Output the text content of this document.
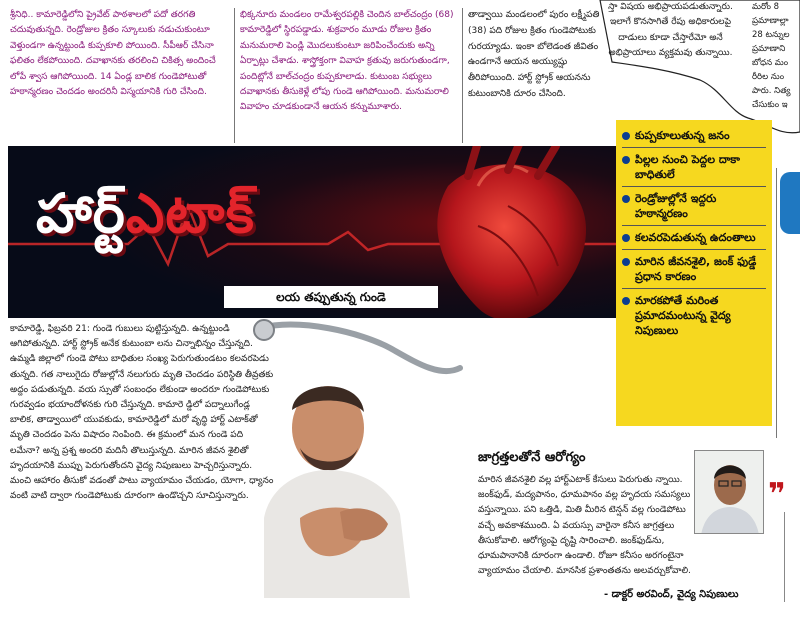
శ్రీనిధి.. కామారెడ్డిలోని ప్రైవేట్ పాఠశాలలో పదో తరగతి చదువుతున్నది. రెండ్రోజుల క్రితం స్కూలుకు నడుచుకుంటూ వెళ్తుండగా ఉన్నట్టుండి కుప్పకూలి పోయింది. సీపీఆర్ చేసినా ఫలితం లేకపోయింది. దవాఖానకు తరలించి చికిత్స అందించే లోపే శ్వాస ఆగిపోయింది. 14 ఏండ్ల బాలిక గుండెపోటుతో హఠాన్మరణం చెందడం అందరినీ విస్మయానికి గురి చేసింది.

భిక్కనూరు మండలం రామేశ్వరపల్లికి చెందిన బాల్‌చంద్రం (68) కామారెడ్డిలో స్థిరపడ్డాడు. శుక్రవారం మూడు రోజుల క్రితం మనుమరాలి పెండ్లి మొదలుకుంటూ జరిపించేందుకు అన్ని ఏర్పాట్లు చేశాడు. శాస్త్రోక్తంగా వివాహ క్రతువు జరుగుతుండగా, పందిట్లోనే బాల్‌చంద్రం కుప్పకూలాడు. కుటుంబ సభ్యులు దవాఖానకు తీసుకెళ్లే లోపు గుండె ఆగిపోయింది. మనుమరాలి వివాహం చూడకుండానే ఆయన కన్నుమూశారు.

తాడ్వాయి మండలంలో పురం లక్ష్మీపతి (38) పది రోజుల క్రితం గుండెపోటుకు గురయ్యాడు. ఇంకా బోలెడంత జీవితం ఉండగానే ఆయన అయ్యుష్షు తీరిపోయింది. హార్ట్ స్ట్రోక్ ఆయనను కుటుంబానికి దూరం చేసింది.

స్తా విషయ అభిప్రాయపడుతున్నారు. ఇలాగే కొనసాగితే రేపు అధికారులపై దాడులు కూడా చేస్తారేమో అనే అభిప్రాయాలు వ్యక్తమవు తున్నాయి.
మరోం 8 ప్రమాణాల్లా 28 టన్నుల ప్రమాణాని బోధన మం రీరిల నుం పారు. నిత్య చేసుకుం ఇ
హార్ట్ఎటాక్
లయ తప్పుతున్న గుండె
కుప్పకూలుతున్న జనం
పిల్లల నుంచి పెద్దల దాకా బాధితులే
రెండ్రోజుల్లోనే ఇద్దరు హఠాన్మరణం
కలవరపెడుతున్న ఉదంతాలు
మారిన జీవనశైలి, జంక్ ఫుడ్డే ప్రధాన కారణం
మారకపోతే మరింత ప్రమాదమంటున్న వైద్య నిపుణులు

కామారెడ్డి, ఫిబ్రవరి 21: గుండె గుబులు పుట్టిస్తున్నది. ఉన్నట్టుండి ఆగిపోతున్నది. హార్ట్ స్ట్రోక్ అనేక కుటుంబా లను చిన్నాభిన్నం చేస్తున్నది. ఉమ్మడి జిల్లాలో గుండె పోటు బాధితుల సంఖ్య పెరుగుతుండటం కలవరపెడు తున్నది. గత నాలుగైదు రోజుల్లోనే నలుగురు మృతి చెందడం పరిస్థితి తీవ్రతకు అద్దం పడుతున్నది. వయ స్సుతో సంబంధం లేకుండా అందరూ గుండెపోటుకు గురవ్వడం భయాందోళనకు గురి చేస్తున్నది. కామారె డ్డిలో పద్నాలుగేండ్ల బాలిక, తాడ్వాయిలో యువకుడు, కామారెడ్డిలో మరో వృద్ధి హార్ట్ ఎటాక్‌తో మృతి చెందడం పెను విషాదం నింపింది. ఈ క్రమంలో మన గుండె పది లమేనా? అన్న ప్రశ్న అందరి మదినీ తొలుస్తున్నది. మారిన జీవన శైలితో హృదయానికి ముప్పు పెరుగుతోందని వైద్య నిపుణులు హెచ్చరిస్తున్నారు. మంచి ఆహారం తీసుకో వడంతో పాటు వ్యాయామం చేయడం, యోగా, ధ్యానం వంటి వాటి ద్వారా గుండెపోటుకు దూరంగా ఉండొచ్చని సూచిస్తున్నారు.

జాగ్రత్తలతోనే ఆరోగ్యం

మారిన జీవనశైలి వల్ల హార్ట్‌ఎటాక్ కేసులు పెరుగుతు న్నాయి. జంక్‌ఫుడ్, మద్యపానం, ధూమపానం వల్ల హృదయ సమస్యలు వస్తున్నాయి. పని ఒత్తిడి, మితి మీరిన టెన్షన్ వల్ల గుండెపోటు వచ్చే అవకాశముంది. ఏ వయస్సు వారైనా కనీస జాగ్రత్తలు తీసుకోవాలి. ఆరోగ్యంపై దృష్టి సారించాలి. జంక్‌ఫుడ్‌ను, ధూమపానానికి దూరంగా ఉండాలి. రోజూ కనీసం అరగంటైనా వ్యాయామం చేయాలి. మానసిక ప్రశాంతతను అలవర్చుకోవాలి.

- డాక్టర్ అరవింద్, వైద్య నిపుణులు
❞
